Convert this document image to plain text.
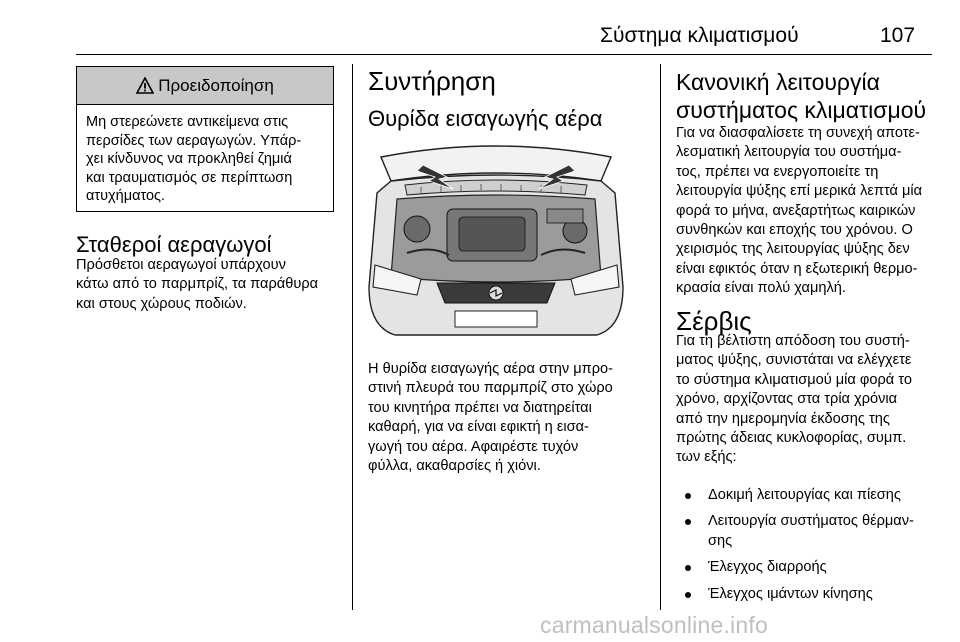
Σύστημα κλιματισμού	107
Προειδοποίηση
Μη στερεώνετε αντικείμενα στις
περσίδες των αεραγωγών. Υπάρ-
χει κίνδυνος να προκληθεί ζημιά
και τραυματισμός σε περίπτωση
ατυχήματος.
Σταθεροί αεραγωγοί
Πρόσθετοι αεραγωγοί υπάρχουν
κάτω από το παρμπρίζ, τα παράθυρα
και στους χώρους ποδιών.
Συντήρηση
Θυρίδα εισαγωγής αέρα
Η θυρίδα εισαγωγής αέρα στην μπρο-
στινή πλευρά του παρμπρίζ στο χώρο
του κινητήρα πρέπει να διατηρείται
καθαρή, για να είναι εφικτή η εισα-
γωγή του αέρα. Αφαιρέστε τυχόν
φύλλα, ακαθαρσίες ή χιόνι.
Κανονική λειτουργία
συστήματος κλιματισμού
Για να διασφαλίσετε τη συνεχή αποτε-
λεσματική λειτουργία του συστήμα-
τος, πρέπει να ενεργοποιείτε τη
λειτουργία ψύξης επί μερικά λεπτά μία
φορά το μήνα, ανεξαρτήτως καιρικών
συνθηκών και εποχής του χρόνου. Ο
χειρισμός της λειτουργίας ψύξης δεν
είναι εφικτός όταν η εξωτερική θερμο-
κρασία είναι πολύ χαμηλή.
Σέρβις
Για τη βέλτιστη απόδοση του συστή-
ματος ψύξης, συνιστάται να ελέγχετε
το σύστημα κλιματισμού μία φορά το
χρόνο, αρχίζοντας στα τρία χρόνια
από την ημερομηνία έκδοσης της
πρώτης άδειας κυκλοφορίας, συμπ.
των εξής:
Δοκιμή λειτουργίας και πίεσης
Λειτουργία συστήματος θέρμαν-
σης
Έλεγχος διαρροής
Έλεγχος ιμάντων κίνησης
carmanualsonline.info
